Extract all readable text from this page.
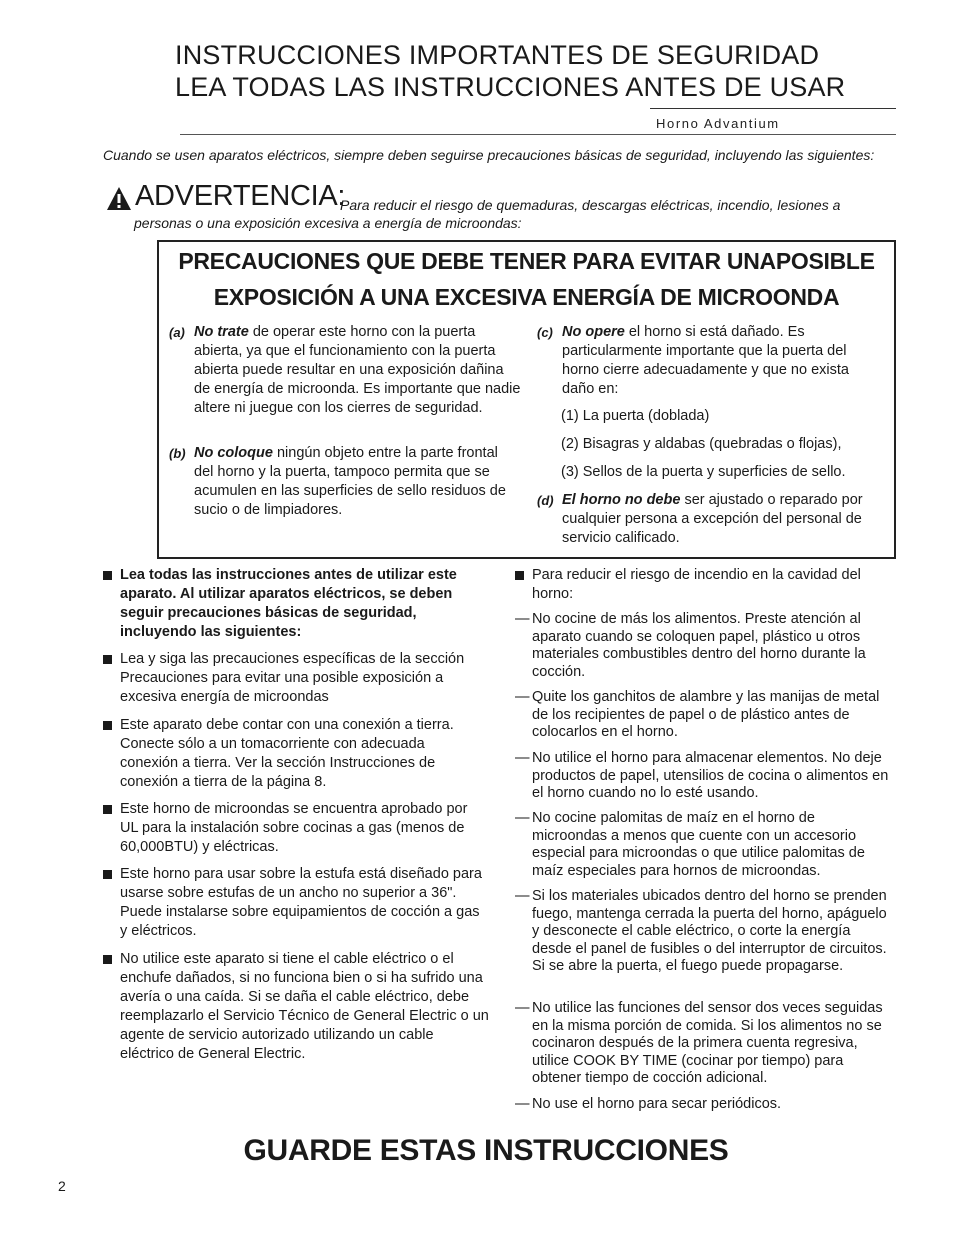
INSTRUCCIONES IMPORTANTES DE SEGURIDAD
LEA TODAS LAS INSTRUCCIONES ANTES DE USAR
Horno Advantium
Cuando se usen aparatos eléctricos, siempre deben seguirse precauciones básicas de seguridad, incluyendo las siguientes:
ADVERTENCIA:
Para reducir el riesgo de quemaduras, descargas eléctricas, incendio, lesiones a
personas o una exposición excesiva a energía de microondas:
PRECAUCIONES QUE DEBE TENER PARA EVITAR UNAPOSIBLE
EXPOSICIÓN A UNA EXCESIVA ENERGÍA DE MICROONDA
(a) No trate de operar este horno con la puerta abierta, ya que el funcionamiento con la puerta abierta puede resultar en una exposición dañina de energía de microonda. Es importante que nadie altere ni juegue con los cierres de seguridad.
(b) No coloque ningún objeto entre la parte frontal del horno y la puerta, tampoco permita que se acumulen en las superficies de sello residuos de sucio o de limpiadores.
(c) No opere el horno si está dañado. Es particularmente importante que la puerta del horno cierre adecuadamente y que no exista daño en:
(1) La puerta (doblada)
(2) Bisagras y aldabas (quebradas o flojas),
(3) Sellos de la puerta y superficies de sello.
(d) El horno no debe ser ajustado o reparado por cualquier persona a excepción del personal de servicio calificado.
Lea todas las instrucciones antes de utilizar este aparato. Al utilizar aparatos eléctricos, se deben seguir precauciones básicas de seguridad, incluyendo las siguientes:
Lea y siga las precauciones específicas de la sección Precauciones para evitar una posible exposición a excesiva energía de microondas
Este aparato debe contar con una conexión a tierra. Conecte sólo a un tomacorriente con adecuada conexión a tierra. Ver la sección Instrucciones de conexión a tierra de la página 8.
Este horno de microondas se encuentra aprobado por UL para la instalación sobre cocinas a gas (menos de 60,000BTU) y eléctricas.
Este horno para usar sobre la estufa está diseñado para usarse sobre estufas de un ancho no superior a 36". Puede instalarse sobre equipamientos de cocción a gas y eléctricos.
No utilice este aparato si tiene el cable eléctrico o el enchufe dañados, si no funciona bien o si ha sufrido una avería o una caída. Si se daña el cable eléctrico, debe reemplazarlo el Servicio Técnico de General Electric o un agente de servicio autorizado utilizando un cable eléctrico de General Electric.
Para reducir el riesgo de incendio en la cavidad del horno:
— No cocine de más los alimentos. Preste atención al aparato cuando se coloquen papel, plástico u otros materiales combustibles dentro del horno durante la cocción.
— Quite los ganchitos de alambre y las manijas de metal de los recipientes de papel o de plástico antes de colocarlos en el horno.
— No utilice el horno para almacenar elementos. No deje productos de papel, utensilios de cocina o alimentos en el horno cuando no lo esté usando.
— No cocine palomitas de maíz en el horno de microondas a menos que cuente con un accesorio especial para microondas o que utilice palomitas de maíz especiales para hornos de microondas.
— Si los materiales ubicados dentro del horno se prenden fuego, mantenga cerrada la puerta del horno, apáguelo y desconecte el cable eléctrico, o corte la energía desde el panel de fusibles o del interruptor de circuitos. Si se abre la puerta, el fuego puede propagarse.
— No utilice las funciones del sensor dos veces seguidas en la misma porción de comida. Si los alimentos no se cocinaron después de la primera cuenta regresiva, utilice COOK BY TIME (cocinar por tiempo) para obtener tiempo de cocción adicional.
— No use el horno para secar periódicos.
GUARDE ESTAS INSTRUCCIONES
2
